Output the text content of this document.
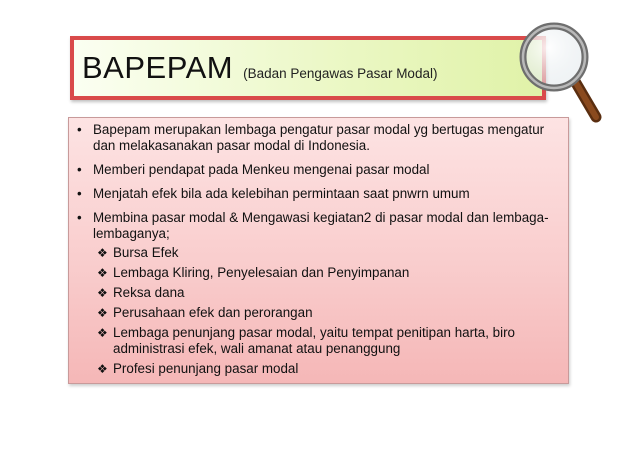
BAPEPAM (Badan Pengawas Pasar Modal)
• Bapepam merupakan lembaga pengatur pasar modal yg bertugas mengatur dan melakasanakan pasar modal di Indonesia.
• Memberi pendapat pada Menkeu mengenai pasar modal
• Menjatah efek bila ada kelebihan permintaan saat pnwrn umum
• Membina pasar modal & Mengawasi kegiatan2 di pasar modal dan lembaga-lembaganya;
❖ Bursa Efek
❖ Lembaga Kliring, Penyelesaian dan Penyimpanan
❖ Reksa dana
❖ Perusahaan efek dan perorangan
❖ Lembaga penunjang pasar modal, yaitu tempat penitipan harta, biro administrasi efek, wali amanat atau penanggung
❖ Profesi penunjang pasar modal
